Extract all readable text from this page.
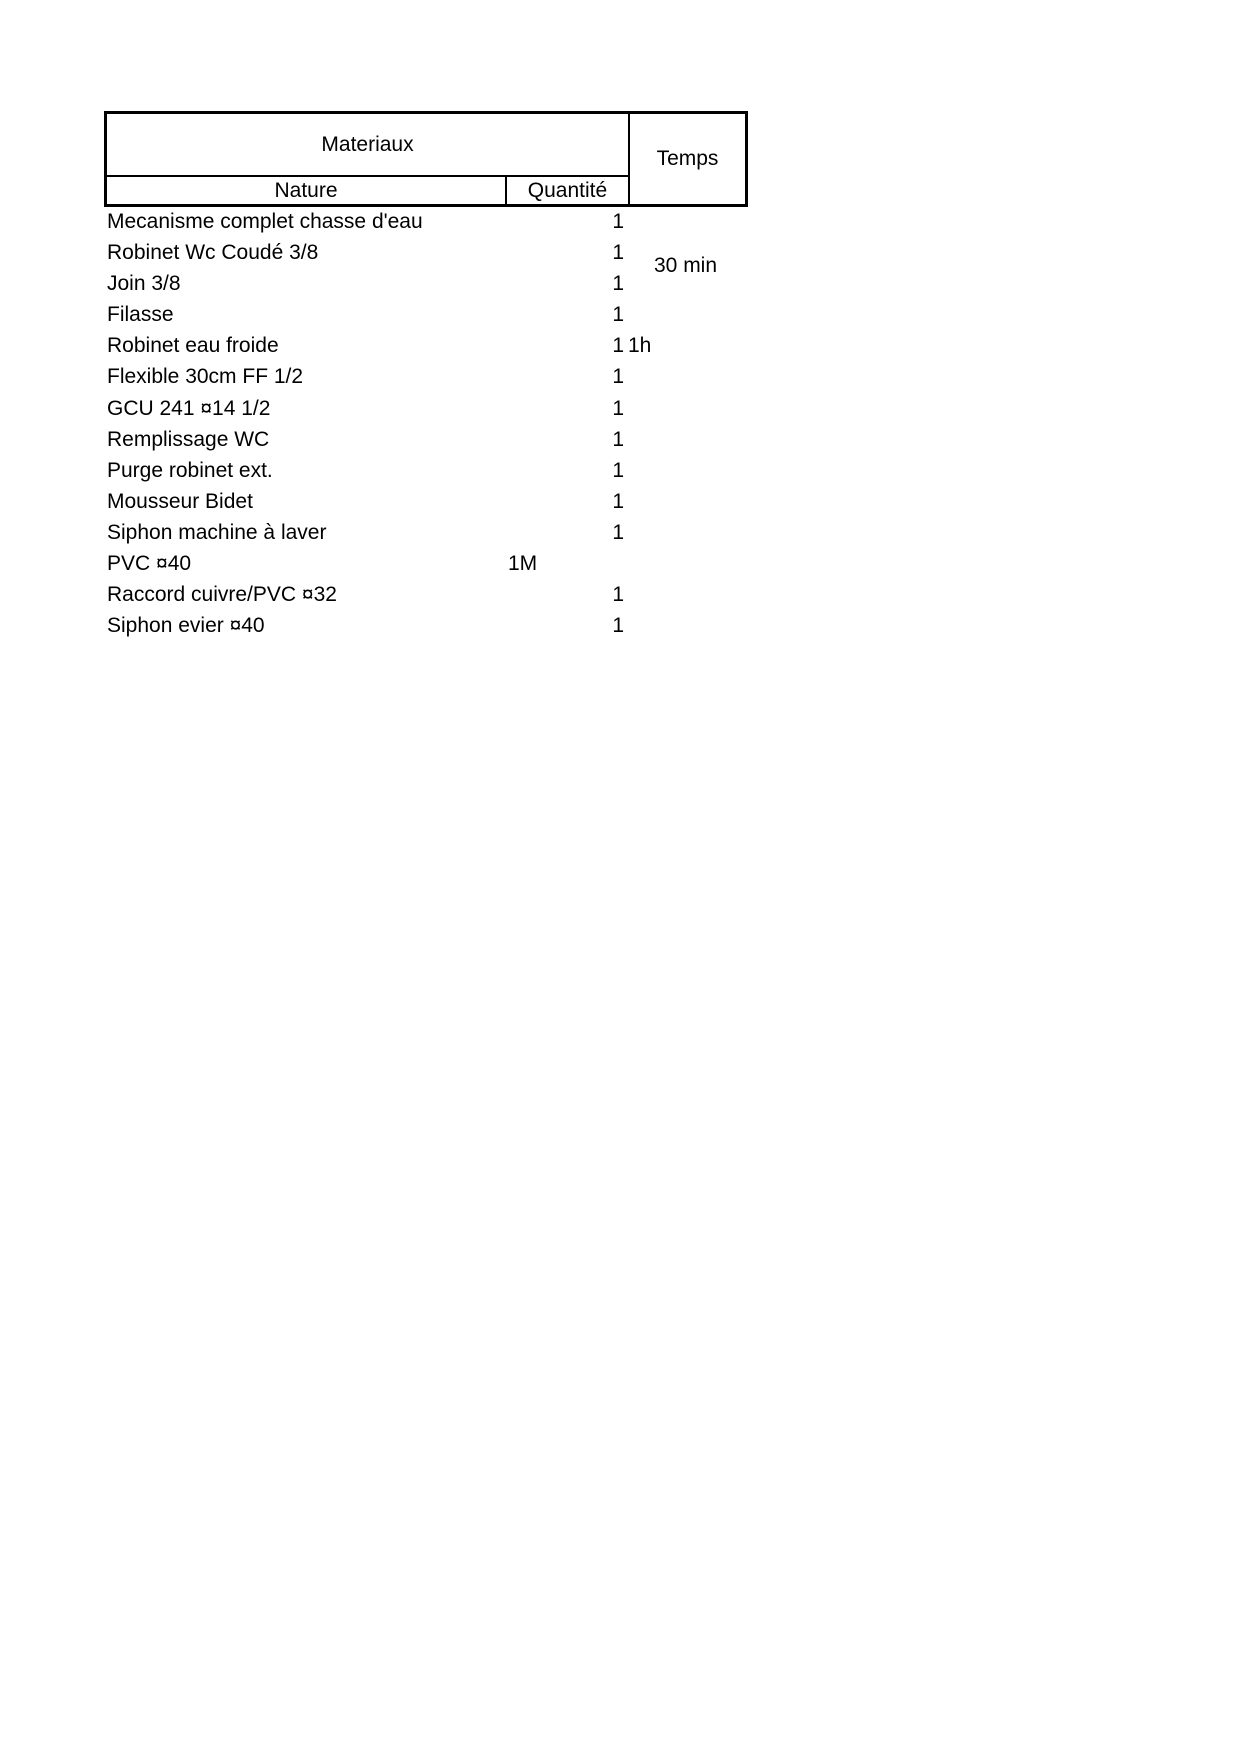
Materiaux
Temps
Nature	Quantité
30 min
Mecanisme complet chasse d'eau	1
Robinet Wc Coudé 3/8	1
Join 3/8	1
Filasse	1
Robinet eau froide	1 1h
Flexible 30cm FF 1/2	1
GCU 241 ¤14 1/2	1
Remplissage WC	1
Purge robinet ext.	1
Mousseur Bidet	1
Siphon machine à laver	1
PVC ¤40	1M
Raccord cuivre/PVC ¤32	1
Siphon evier ¤40	1
